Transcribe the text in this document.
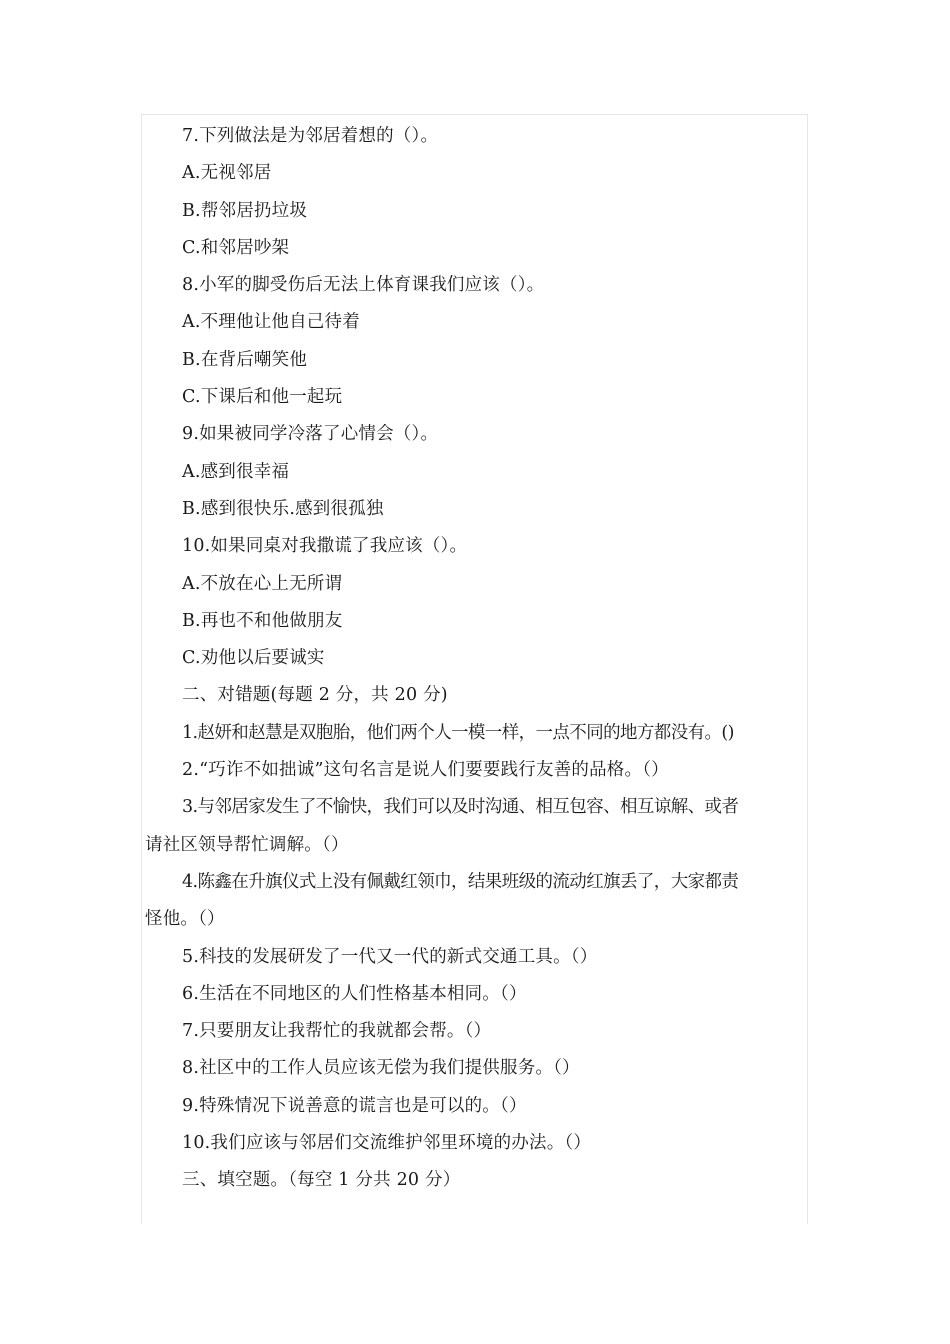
7.下列做法是为邻居着想的（）。
A.无视邻居
B.帮邻居扔垃圾
C.和邻居吵架
8.小军的脚受伤后无法上体育课我们应该（）。
A.不理他让他自己待着
B.在背后嘲笑他
C.下课后和他一起玩
9.如果被同学冷落了心情会（）。
A.感到很幸福
B.感到很快乐.感到很孤独
10.如果同桌对我撒谎了我应该（）。
A.不放在心上无所谓
B.再也不和他做朋友
C.劝他以后要诚实
二、对错题(每题 2 分，共 20 分)
1.赵妍和赵慧是双胞胎，他们两个人一模一样，一点不同的地方都没有。()
2.“巧诈不如拙诚”这句名言是说人们要要践行友善的品格。（）
3.与邻居家发生了不愉快，我们可以及时沟通、相互包容、相互谅解、或者
请社区领导帮忙调解。（）
4.陈鑫在升旗仪式上没有佩戴红领巾，结果班级的流动红旗丢了，大家都责
怪他。（）
5.科技的发展研发了一代又一代的新式交通工具。（）
6.生活在不同地区的人们性格基本相同。（）
7.只要朋友让我帮忙的我就都会帮。（）
8.社区中的工作人员应该无偿为我们提供服务。（）
9.特殊情况下说善意的谎言也是可以的。（）
10.我们应该与邻居们交流维护邻里环境的办法。（）
三、填空题。（每空 1 分共 20 分）
